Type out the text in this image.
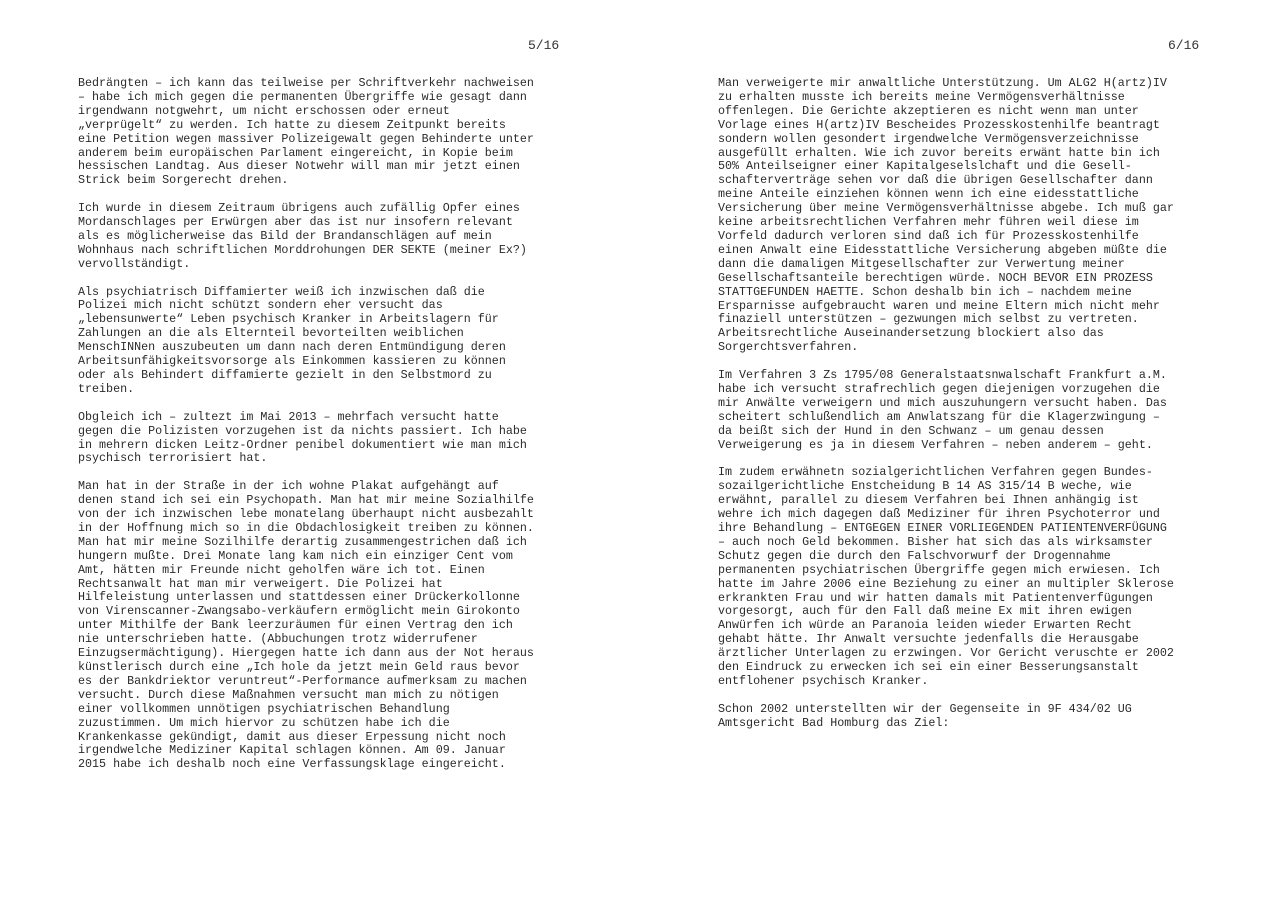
5/16

Bedrängten – ich kann das teilweise per Schriftverkehr nachweisen
– habe ich mich gegen die permanenten Übergriffe wie gesagt dann
irgendwann notgwehrt, um nicht erschossen oder erneut
„verprügelt“ zu werden. Ich hatte zu diesem Zeitpunkt bereits
eine Petition wegen massiver Polizeigewalt gegen Behinderte unter
anderem beim europäischen Parlament eingereicht, in Kopie beim
hessischen Landtag. Aus dieser Notwehr will man mir jetzt einen
Strick beim Sorgerecht drehen.

Ich wurde in diesem Zeitraum übrigens auch zufällig Opfer eines
Mordanschlages per Erwürgen aber das ist nur insofern relevant
als es möglicherweise das Bild der Brandanschlägen auf mein
Wohnhaus nach schriftlichen Morddrohungen DER SEKTE (meiner Ex?)
vervollständigt.

Als psychiatrisch Diffamierter weiß ich inzwischen daß die
Polizei mich nicht schützt sondern eher versucht das
„lebensunwerte“ Leben psychisch Kranker in Arbeitslagern für
Zahlungen an die als Elternteil bevorteilten weiblichen
MenschINNen auszubeuten um dann nach deren Entmündigung deren
Arbeitsunfähigkeitsvorsorge als Einkommen kassieren zu können
oder als Behindert diffamierte gezielt in den Selbstmord zu
treiben.

Obgleich ich – zultezt im Mai 2013 – mehrfach versucht hatte
gegen die Polizisten vorzugehen ist da nichts passiert. Ich habe
in mehrern dicken Leitz-Ordner penibel dokumentiert wie man mich
psychisch terrorisiert hat.

Man hat in der Straße in der ich wohne Plakat aufgehängt auf
denen stand ich sei ein Psychopath. Man hat mir meine Sozialhilfe
von der ich inzwischen lebe monatelang überhaupt nicht ausbezahlt
in der Hoffnung mich so in die Obdachlosigkeit treiben zu können.
Man hat mir meine Sozilhilfe derartig zusammengestrichen daß ich
hungern mußte. Drei Monate lang kam nich ein einziger Cent vom
Amt, hätten mir Freunde nicht geholfen wäre ich tot. Einen
Rechtsanwalt hat man mir verweigert. Die Polizei hat
Hilfeleistung unterlassen und stattdessen einer Drückerkollonne
von Virenscanner-Zwangsabo-verkäufern ermöglicht mein Girokonto
unter Mithilfe der Bank leerzuräumen für einen Vertrag den ich
nie unterschrieben hatte. (Abbuchungen trotz widerrufener
Einzugsermächtigung). Hiergegen hatte ich dann aus der Not heraus
künstlerisch durch eine „Ich hole da jetzt mein Geld raus bevor
es der Bankdriektor veruntreut“-Performance aufmerksam zu machen
versucht. Durch diese Maßnahmen versucht man mich zu nötigen
einer vollkommen unnötigen psychiatrischen Behandlung
zuzustimmen. Um mich hiervor zu schützen habe ich die
Krankenkasse gekündigt, damit aus dieser Erpessung nicht noch
irgendwelche Mediziner Kapital schlagen können. Am 09. Januar
2015 habe ich deshalb noch eine Verfassungsklage eingereicht.

6/16

Man verweigerte mir anwaltliche Unterstützung. Um ALG2 H(artz)IV
zu erhalten musste ich bereits meine Vermögensverhältnisse
offenlegen. Die Gerichte akzeptieren es nicht wenn man unter
Vorlage eines H(artz)IV Bescheides Prozesskostenhilfe beantragt
sondern wollen gesondert irgendwelche Vermögensverzeichnisse
ausgefüllt erhalten. Wie ich zuvor bereits erwänt hatte bin ich
50% Anteilseigner einer Kapitalgeselslchaft und die Gesell-
schafterverträge sehen vor daß die übrigen Gesellschafter dann
meine Anteile einziehen können wenn ich eine eidesstattliche
Versicherung über meine Vermögensverhältnisse abgebe. Ich muß gar
keine arbeitsrechtlichen Verfahren mehr führen weil diese im
Vorfeld dadurch verloren sind daß ich für Prozesskostenhilfe
einen Anwalt eine Eidesstattliche Versicherung abgeben müßte die
dann die damaligen Mitgesellschafter zur Verwertung meiner
Gesellschaftsanteile berechtigen würde. NOCH BEVOR EIN PROZESS
STATTGEFUNDEN HAETTE. Schon deshalb bin ich – nachdem meine
Ersparnisse aufgebraucht waren und meine Eltern mich nicht mehr
finaziell unterstützen – gezwungen mich selbst zu vertreten.
Arbeitsrechtliche Auseinandersetzung blockiert also das
Sorgerchtsverfahren.

Im Verfahren 3 Zs 1795/08 Generalstaatsnwalschaft Frankfurt a.M.
habe ich versucht strafrechlich gegen diejenigen vorzugehen die
mir Anwälte verweigern und mich auszuhungern versucht haben. Das
scheitert schlußendlich am Anwlatszang für die Klagerzwingung –
da beißt sich der Hund in den Schwanz – um genau dessen
Verweigerung es ja in diesem Verfahren – neben anderem – geht.

Im zudem erwähnetn sozialgerichtlichen Verfahren gegen Bundes-
sozailgerichtliche Enstcheidung B 14 AS 315/14 B weche, wie
erwähnt, parallel zu diesem Verfahren bei Ihnen anhängig ist
wehre ich mich dagegen daß Mediziner für ihren Psychoterror und
ihre Behandlung – ENTGEGEN EINER VORLIEGENDEN PATIENTENVERFÜGUNG
– auch noch Geld bekommen. Bisher hat sich das als wirksamster
Schutz gegen die durch den Falschvorwurf der Drogennahme
permanenten psychiatrischen Übergriffe gegen mich erwiesen. Ich
hatte im Jahre 2006 eine Beziehung zu einer an multipler Sklerose
erkrankten Frau und wir hatten damals mit Patientenverfügungen
vorgesorgt, auch für den Fall daß meine Ex mit ihren ewigen
Anwürfen ich würde an Paranoia leiden wieder Erwarten Recht
gehabt hätte. Ihr Anwalt versuchte jedenfalls die Herausgabe
ärztlicher Unterlagen zu erzwingen. Vor Gericht veruschte er 2002
den Eindruck zu erwecken ich sei ein einer Besserungsanstalt
entflohener psychisch Kranker.

Schon 2002 unterstellten wir der Gegenseite in 9F 434/02 UG
Amtsgericht Bad Homburg das Ziel:
